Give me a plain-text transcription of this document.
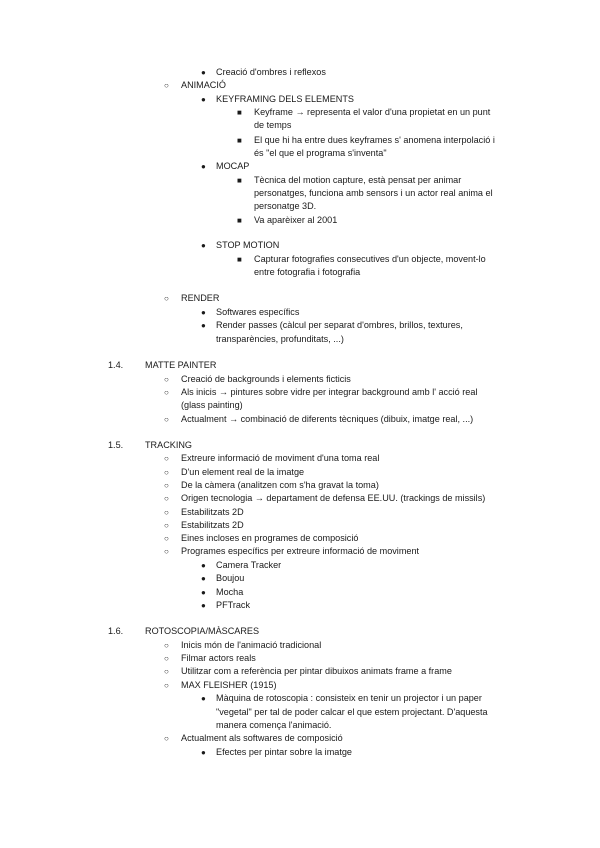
● Creació d'ombres i reflexos
○ ANIMACIÓ
● KEYFRAMING DELS ELEMENTS
■ Keyframe → representa el valor d'una propietat en un punt
de temps
■ El que hi ha entre dues keyframes s' anomena interpolació i
és "el que el programa s'inventa"
● MOCAP
■ Tècnica del motion capture, està pensat per animar
personatges, funciona amb sensors i un actor real anima el
personatge 3D.
■ Va aparèixer al 2001
● STOP MOTION
■ Capturar fotografies consecutives d'un objecte, movent-lo
entre fotografia i fotografia
○ RENDER
● Softwares específics
● Render passes (càlcul per separat d'ombres, brillos, textures,
transparències, profunditats, ...)
1.4. MATTE PAINTER
○ Creació de backgrounds i elements ficticis
○ Als inicis → pintures sobre vidre per integrar background amb l' acció real
(glass painting)
○ Actualment → combinació de diferents tècniques (dibuix, imatge real, ...)
1.5. TRACKING
○ Extreure informació de moviment d'una toma real
○ D'un element real de la imatge
○ De la càmera (analitzen com s'ha gravat la toma)
○ Origen tecnologia → departament de defensa EE.UU. (trackings de missils)
○ Estabilitzats 2D
○ Estabilitzats 2D
○ Eines incloses en programes de composició
○ Programes específics per extreure informació de moviment
● Camera Tracker
● Boujou
● Mocha
● PFTrack
1.6. ROTOSCOPIA/MÀSCARES
○ Inicis món de l'animació tradicional
○ Filmar actors reals
○ Utilitzar com a referència per pintar dibuixos animats frame a frame
○ MAX FLEISHER (1915)
● Màquina de rotoscopia : consisteix en tenir un projector i un paper
"vegetal" per tal de poder calcar el que estem projectant. D'aquesta
manera comença l'animació.
○ Actualment als softwares de composició
● Efectes per pintar sobre la imatge
